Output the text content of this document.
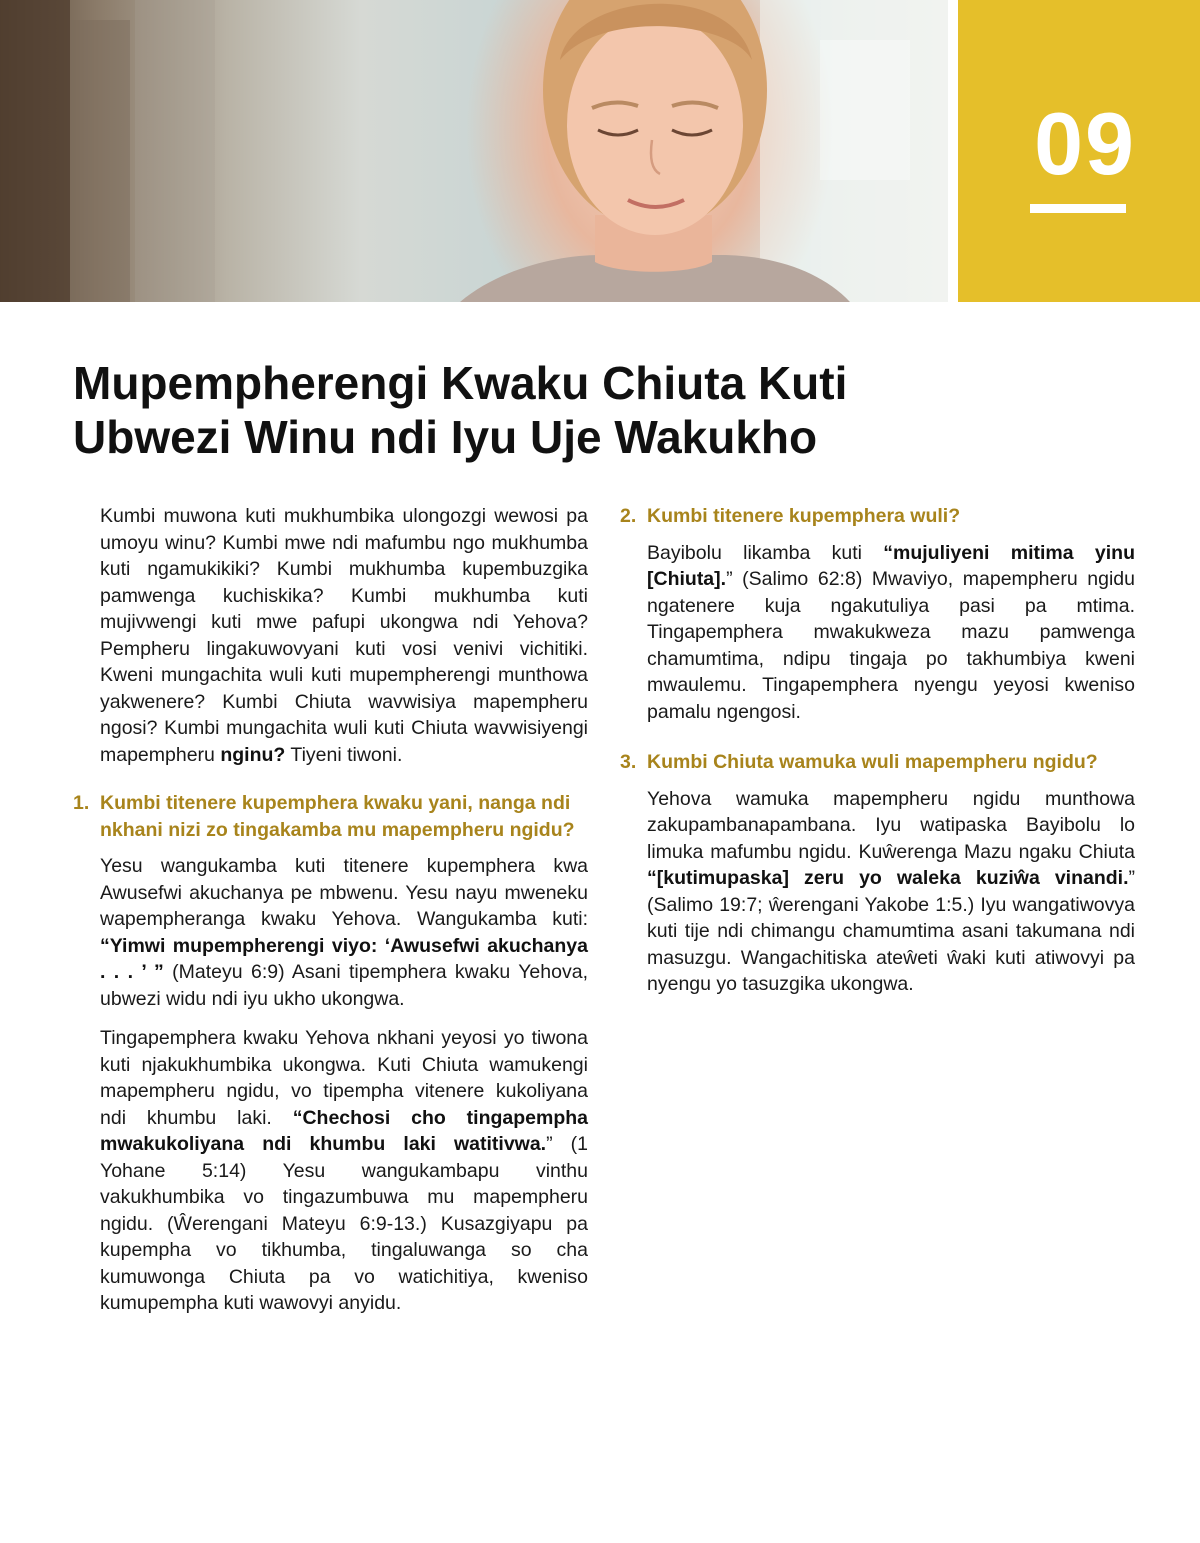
09
Mupempherengi Kwaku Chiuta Kuti
Ubwezi Winu ndi Iyu Uje Wakukho

Kumbi muwona kuti mukhumbika ulongozgi wewosi pa umoyu winu? Kumbi mwe ndi mafumbu ngo mukhumba kuti ngamukikiki? Kumbi mukhumba kupembuzgika pamwenga kuchiskika? Kumbi mukhumba kuti mujivwengi kuti mwe pafupi ukongwa ndi Yehova? Pempheru lingakuwovyani kuti vosi venivi vichitiki. Kweni mungachita wuli kuti mupempherengi munthowa yakwenere? Kumbi Chiuta wavwisiya mapempheru ngosi? Kumbi mungachita wuli kuti Chiuta wavwisiyengi mapempheru nginu? Tiyeni tiwoni.

1. Kumbi titenere kupemphera kwaku yani, nanga ndi nkhani nizi zo tingakamba mu mapempheru ngidu?

Yesu wangukamba kuti titenere kupemphera kwa Awusefwi akuchanya pe mbwenu. Yesu nayu mweneku wapempheranga kwaku Yehova. Wangukamba kuti: “Yimwi mupempherengi viyo: ‘Awusefwi akuchanya . . . ’ ” (Mateyu 6:9) Asani tipemphera kwaku Yehova, ubwezi widu ndi iyu ukho ukongwa.

Tingapemphera kwaku Yehova nkhani yeyosi yo tiwona kuti njakukhumbika ukongwa. Kuti Chiuta wamukengi mapempheru ngidu, vo tipempha vitenere kukoliyana ndi khumbu laki. “Chechosi cho tingapempha mwakukoliyana ndi khumbu laki watitivwa.” (1 Yohane 5:14) Yesu wangukambapu vinthu vakukhumbika vo tingazumbuwa mu mapempheru ngidu. (Ŵerengani Mateyu 6:9-13.) Kusazgiyapu pa kupempha vo tikhumba, tingaluwanga so cha kumuwonga Chiuta pa vo watichitiya, kweniso kumupempha kuti wawovyi anyidu.

2. Kumbi titenere kupemphera wuli?

Bayibolu likamba kuti “mujuliyeni mitima yinu [Chiuta].” (Salimo 62:8) Mwaviyo, mapempheru ngidu ngatenere kuja ngakutuliya pasi pa mtima. Tingapemphera mwakukweza mazu pamwenga chamumtima, ndipu tingaja po takhumbiya kweni mwaulemu. Tingapemphera nyengu yeyosi kweniso pamalu ngengosi.

3. Kumbi Chiuta wamuka wuli mapempheru ngidu?

Yehova wamuka mapempheru ngidu munthowa zakupambanapambana. Iyu watipaska Bayibolu lo limuka mafumbu ngidu. Kuŵerenga Mazu ngaku Chiuta “[kutimupaska] zeru yo waleka kuziŵa vinandi.” (Salimo 19:7; ŵerengani Yakobe 1:5.) Iyu wangatiwovya kuti tije ndi chimangu chamumtima asani takumana ndi masuzgu. Wangachitiska ateŵeti ŵaki kuti atiwovyi pa nyengu yo tasuzgika ukongwa.
